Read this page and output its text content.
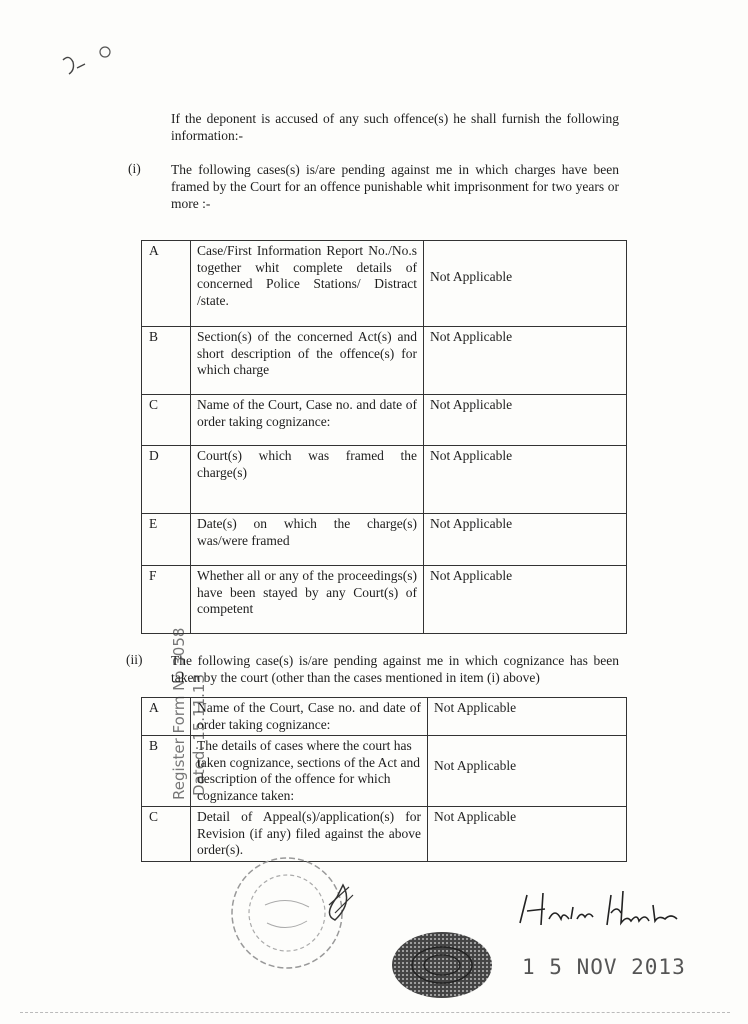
If the deponent is accused of any such offence(s) he shall furnish the following information:-
(i) The following cases(s) is/are pending against me in which charges have been framed by the Court for an offence punishable whit imprisonment for two years or more :-
Register Form No 3058 Dated: 15.11.13
A	Case/First Information Report No./No.s together whit complete details of concerned Police Stations/ Distract /state.	Not Applicable
B	Section(s) of the concerned Act(s) and short description of the offence(s) for which charge	Not Applicable
C	Name of the Court, Case no. and date of order taking cognizance:	Not Applicable
D	Court(s) which was framed the charge(s)	Not Applicable
E	Date(s) on which the charge(s) was/were framed	Not Applicable
F	Whether all or any of the proceedings(s) have been stayed by any Court(s) of competent	Not Applicable
(ii) The following case(s) is/are pending against me in which cognizance has been taken by the court (other than the cases mentioned in item (i) above)
A	Name of the Court, Case no. and date of order taking cognizance:	Not Applicable
B	The details of cases where the court has taken cognizance, sections of the Act and description of the offence for which cognizance taken:	Not Applicable
C	Detail of Appeal(s)/application(s) for Revision (if any) filed against the above order(s).	Not Applicable
1 5 NOV 2013
